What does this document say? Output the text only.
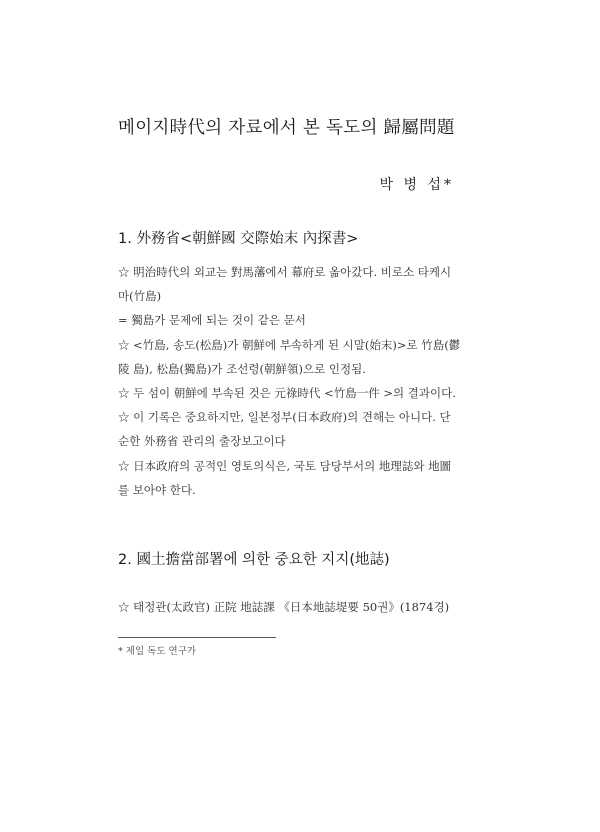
메이지時代의 자료에서 본 독도의 歸屬問題
박 병 섭*
1. 外務省<朝鮮國 交際始末 內探書>
☆ 明治時代의 외교는 對馬藩에서 幕府로 옮아갔다. 비로소 타케시
마(竹島)
= 獨島가 문제에 되는 것이 같은 문서
☆ <竹島, 송도(松島)가 朝鮮에 부속하게 된 시말(始末)>로 竹島(鬱
陵 島), 松島(獨島)가 조선령(朝鮮領)으로 인정됨.
☆ 두 섬이 朝鮮에 부속된 것은 元祿時代 <竹島一件 >의 결과이다.
☆ 이 기록은 중요하지만, 일본정부(日本政府)의 견해는 아니다. 단
순한 外務省 관리의 출장보고이다
☆ 日本政府의 공적인 영토의식은, 국토 담당부서의 地理誌와 地圖
를 보아야 한다.
2. 國土擔當部署에 의한 중요한 지지(地誌)
☆ 태정관(太政官) 正院 地誌課 《日本地誌堤要 50권》(1874경)
* 제일 독도 연구가
